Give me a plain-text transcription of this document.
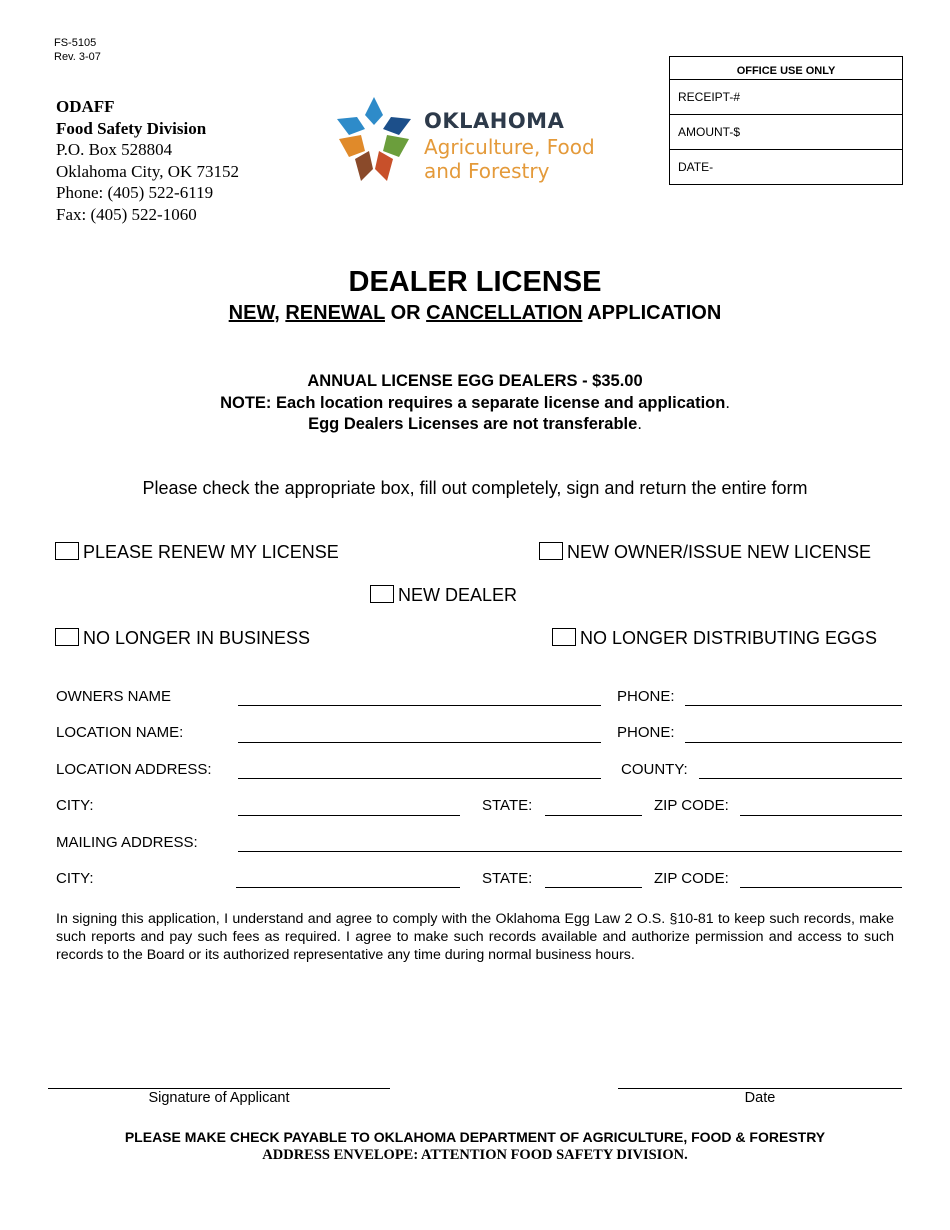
FS-5105
Rev. 3-07
ODAFF
Food Safety Division
P.O. Box 528804
Oklahoma City, OK 73152
Phone: (405) 522-6119
Fax: (405) 522-1060
OKLAHOMA
Agriculture, Food
and Forestry
OFFICE USE ONLY
RECEIPT-#
AMOUNT-$
DATE-
DEALER LICENSE
NEW, RENEWAL OR CANCELLATION APPLICATION
ANNUAL LICENSE EGG DEALERS - $35.00
NOTE: Each location requires a separate license and application.
Egg Dealers Licenses are not transferable.
Please check the appropriate box, fill out completely, sign and return the entire form
PLEASE RENEW MY LICENSE	NEW OWNER/ISSUE NEW LICENSE
NEW DEALER
NO LONGER IN BUSINESS	NO LONGER DISTRIBUTING EGGS
OWNERS NAME	PHONE:
LOCATION NAME:	PHONE:
LOCATION ADDRESS:	COUNTY:
CITY:	STATE:	ZIP CODE:
MAILING ADDRESS:
CITY:	STATE:	ZIP CODE:
In signing this application, I understand and agree to comply with the Oklahoma Egg Law 2 O.S. §10-81 to keep such records, make such reports and pay such fees as required. I agree to make such records available and authorize permission and access to such records to the Board or its authorized representative any time during normal business hours.
Signature of Applicant	Date
PLEASE MAKE CHECK PAYABLE TO OKLAHOMA DEPARTMENT OF AGRICULTURE, FOOD & FORESTRY
ADDRESS ENVELOPE: ATTENTION FOOD SAFETY DIVISION.
